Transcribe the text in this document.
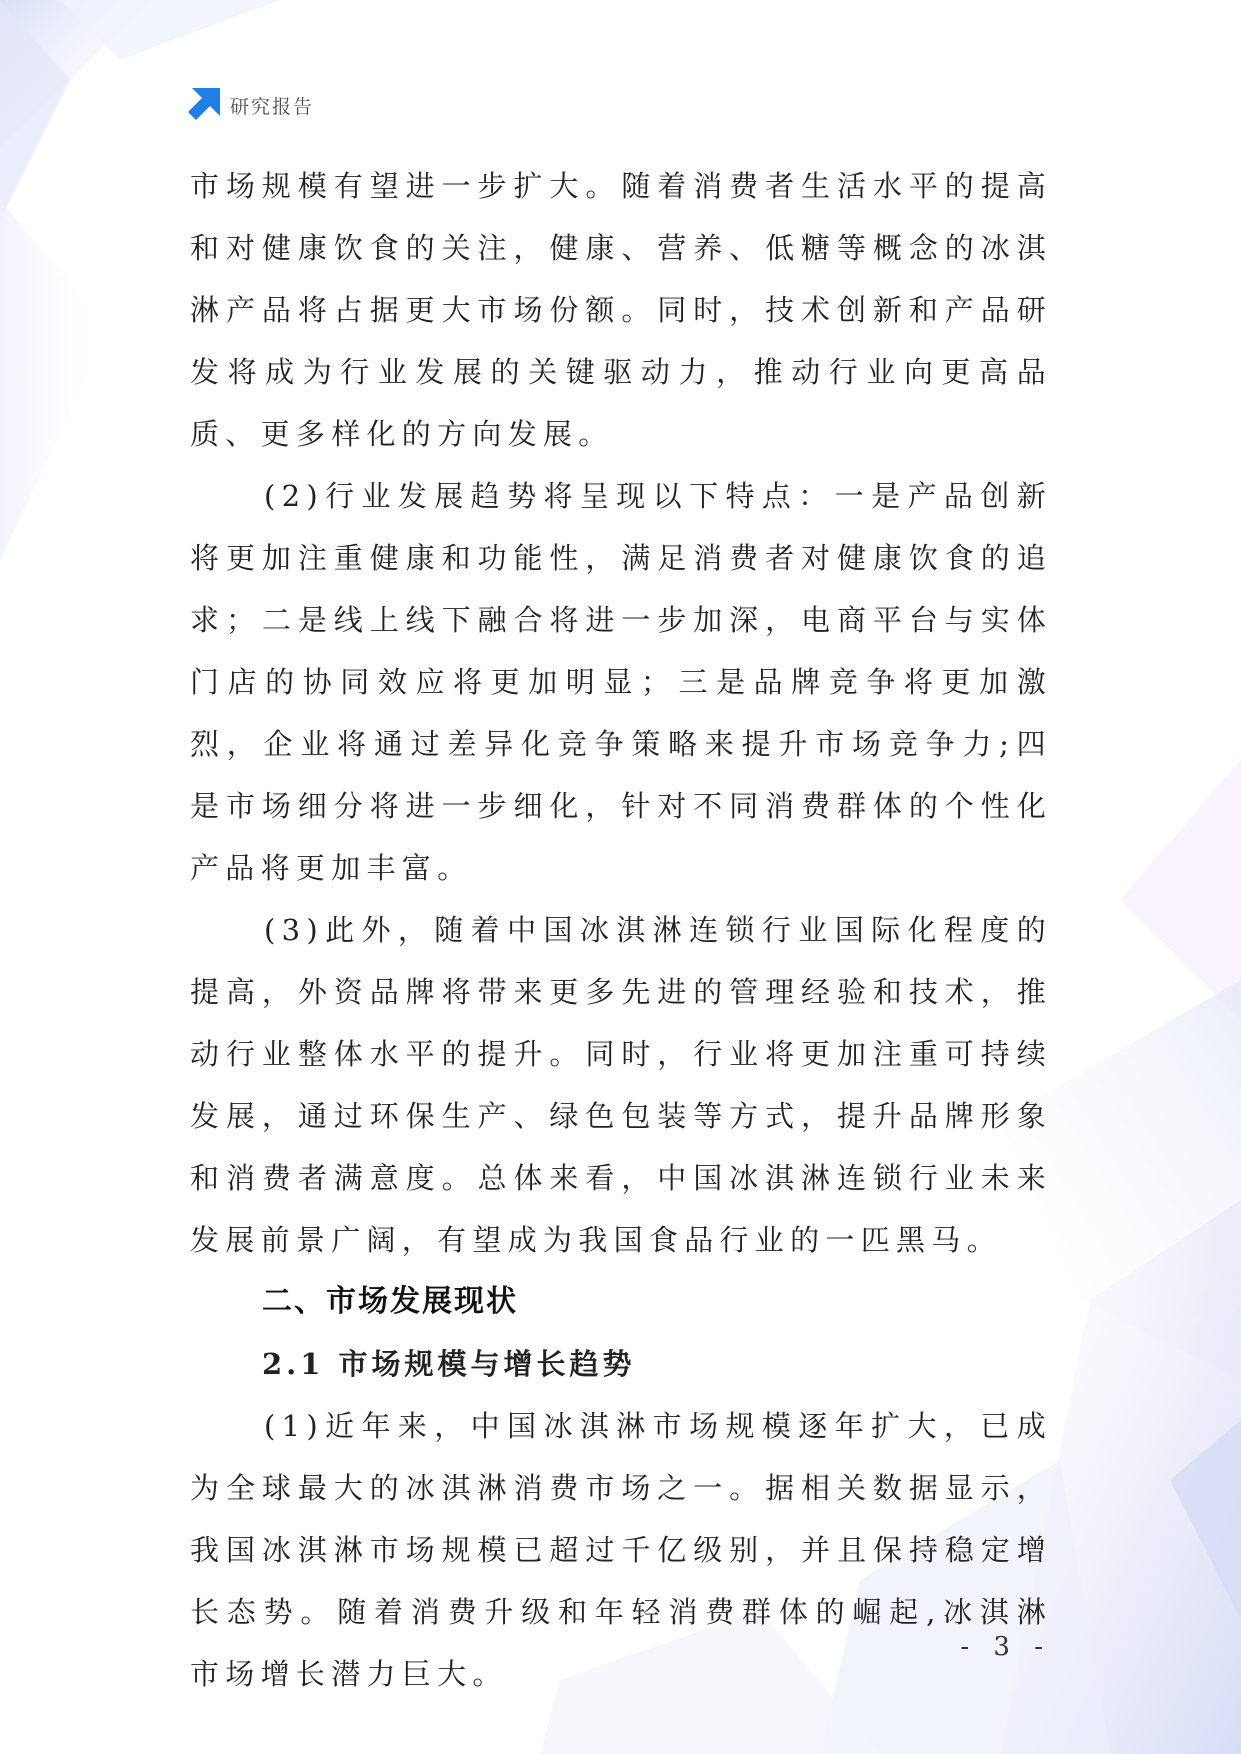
研究报告

市场规模有望进一步扩大。随着消费者生活水平的提高和对健康饮食的关注，健康、营养、低糖等概念的冰淇淋产品将占据更大市场份额。同时，技术创新和产品研发将成为行业发展的关键驱动力，推动行业向更高品质、更多样化的方向发展。

(2)行业发展趋势将呈现以下特点：一是产品创新将更加注重健康和功能性，满足消费者对健康饮食的追求；二是线上线下融合将进一步加深，电商平台与实体门店的协同效应将更加明显；三是品牌竞争将更加激烈，企业将通过差异化竞争策略来提升市场竞争力;四是市场细分将进一步细化，针对不同消费群体的个性化产品将更加丰富。

(3)此外，随着中国冰淇淋连锁行业国际化程度的提高，外资品牌将带来更多先进的管理经验和技术，推动行业整体水平的提升。同时，行业将更加注重可持续发展，通过环保生产、绿色包装等方式，提升品牌形象和消费者满意度。总体来看，中国冰淇淋连锁行业未来发展前景广阔，有望成为我国食品行业的一匹黑马。

二、市场发展现状
2.1 市场规模与增长趋势

(1)近年来，中国冰淇淋市场规模逐年扩大，已成为全球最大的冰淇淋消费市场之一。据相关数据显示，我国冰淇淋市场规模已超过千亿级别，并且保持稳定增长态势。随着消费升级和年轻消费群体的崛起,冰淇淋市场增长潜力巨大。

- 3 -
